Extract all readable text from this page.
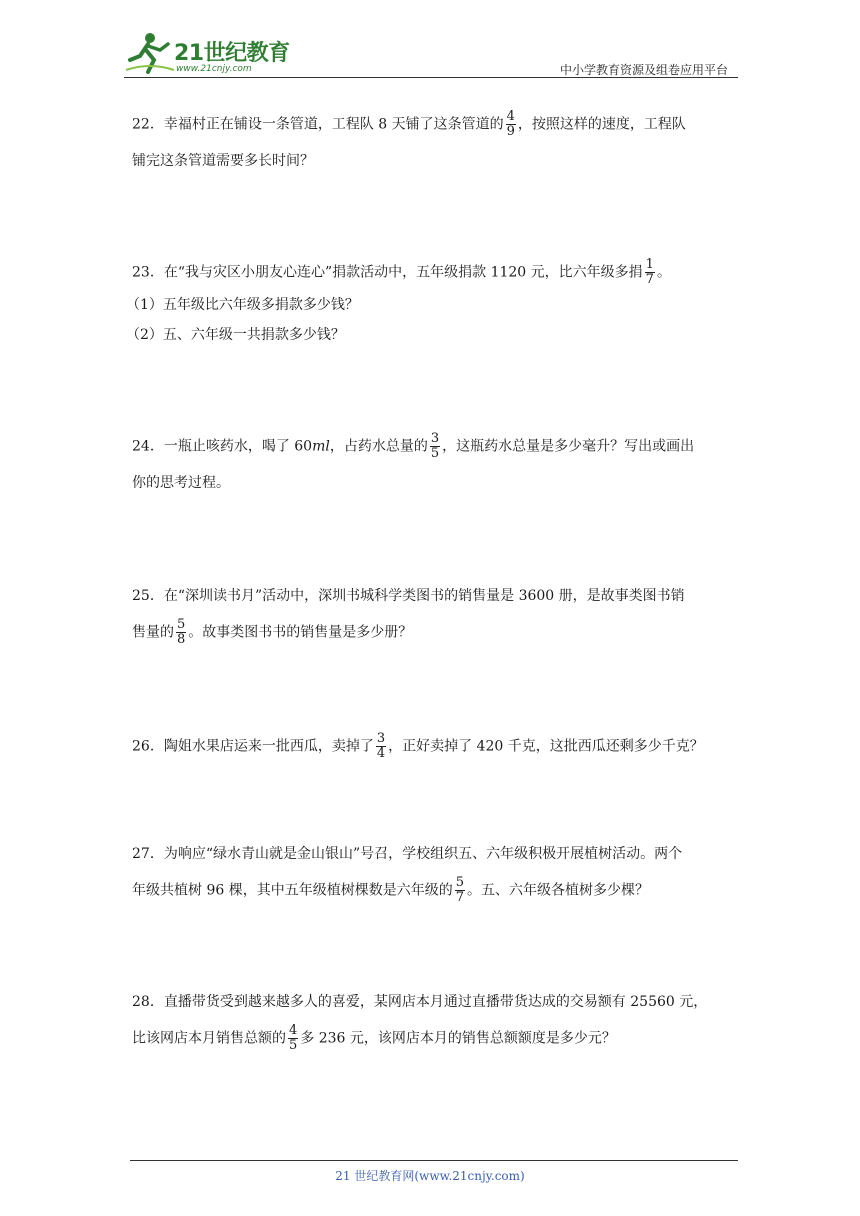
21世纪教育
www.21cnjy.com	中小学教育资源及组卷应用平台

22．幸福村正在铺设一条管道，工程队 8 天铺了这条管道的 $\frac{4}{9}$ ，按照这样的速度，工程队

铺完这条管道需要多长时间？

23．在“我与灾区小朋友心连心”捐款活动中，五年级捐款 1120 元，比六年级多捐 $\frac{1}{7}$ 。

（1）五年级比六年级多捐款多少钱？

（2）五、六年级一共捐款多少钱？

24．一瓶止咳药水，喝了 60ml，占药水总量的 $\frac{3}{5}$ ，这瓶药水总量是多少毫升？写出或画出

你的思考过程。

25．在“深圳读书月”活动中，深圳书城科学类图书的销售量是 3600 册，是故事类图书销

售量的 $\frac{5}{8}$ 。故事类图书书的销售量是多少册？

26．陶姐水果店运来一批西瓜，卖掉了 $\frac{3}{4}$ ，正好卖掉了 420 千克，这批西瓜还剩多少千克？

27．为响应“绿水青山就是金山银山”号召，学校组织五、六年级积极开展植树活动。两个

年级共植树 96 棵，其中五年级植树棵数是六年级的 $\frac{5}{7}$ 。五、六年级各植树多少棵？

28．直播带货受到越来越多人的喜爱，某网店本月通过直播带货达成的交易额有 25560 元，

比该网店本月销售总额的 $\frac{4}{5}$ 多 236 元，该网店本月的销售总额额度是多少元？

21 世纪教育网(www.21cnjy.com)
